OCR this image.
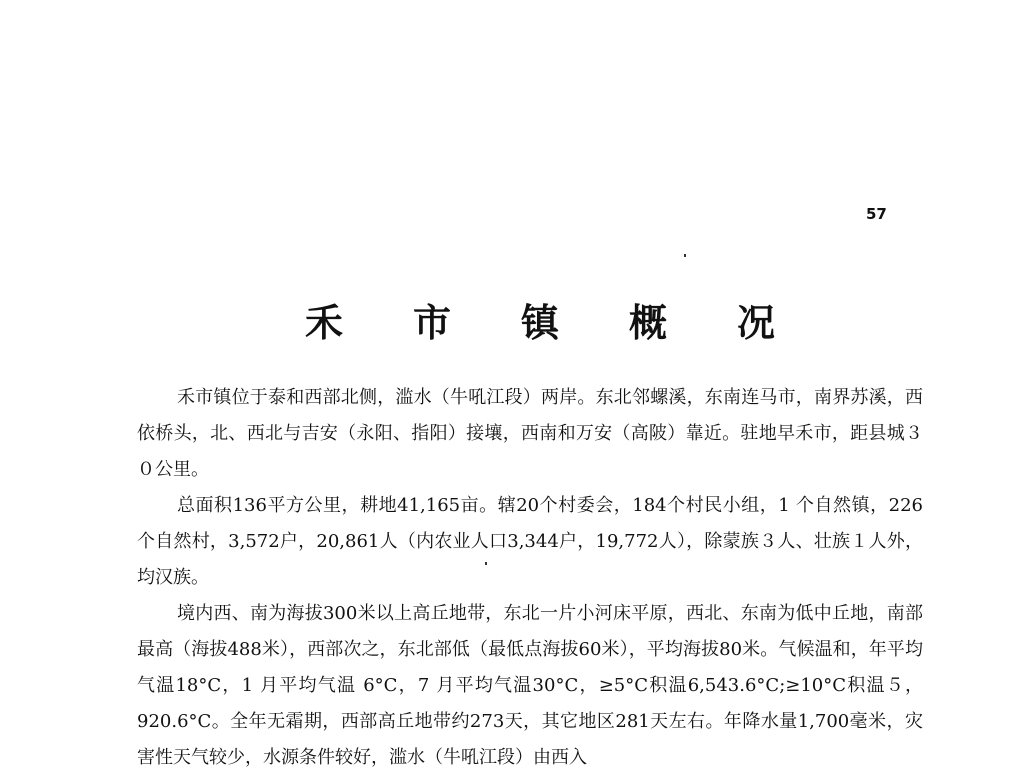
57
禾 市 镇 概 况

禾市镇位于泰和西部北侧，滥水（牛吼江段）两岸。东北邻螺溪，东南连马市，南界苏溪，西依桥头，北、西北与吉安（永阳、指阳）接壤，西南和万安（高陂）靠近。驻地早禾市，距县城３０公里。

总面积136平方公里，耕地41,165亩。辖20个村委会，184个村民小组，1 个自然镇，226个自然村，3,572户，20,861人（内农业人口3,344户，19,772人），除蒙族３人、壮族１人外，均汉族。

境内西、南为海拔300米以上高丘地带，东北一片小河床平原，西北、东南为低中丘地，南部最高（海拔488米），西部次之，东北部低（最低点海拔60米），平均海拔80米。气候温和，年平均气温18°C，1 月平均气温 6°C，7 月平均气温30°C，≥5°C积温6,543.6°C;≥10°C积温５，920.6°C。全年无霜期，西部高丘地带约273天，其它地区281天左右。年降水量1,700毫米，灾害性天气较少，水源条件较好，滥水（牛吼江段）由西入
